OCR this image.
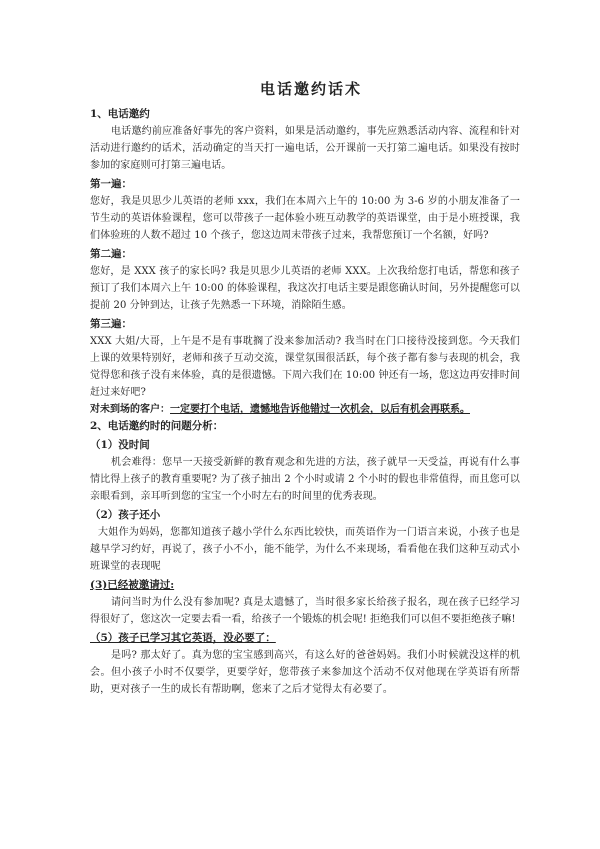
电话邀约话术
1、电话邀约

电话邀约前应准备好事先的客户资料，如果是活动邀约，事先应熟悉活动内容、流程和针对活动进行邀约的话术，活动确定的当天打一遍电话，公开课前一天打第二遍电话。如果没有按时参加的家庭则可打第三遍电话。

第一遍：

您好，我是贝思少儿英语的老师 xxx，我们在本周六上午的 10:00 为 3-6 岁的小朋友准备了一节生动的英语体验课程，您可以带孩子一起体验小班互动教学的英语课堂，由于是小班授课，我们体验班的人数不超过 10 个孩子，您这边周末带孩子过来，我帮您预订一个名额，好吗?

第二遍：

您好，是 XXX 孩子的家长吗? 我是贝思少儿英语的老师 XXX。上次我给您打电话，帮您和孩子预订了我们本周六上午 10:00 的体验课程，我这次打电话主要是跟您确认时间，另外提醒您可以提前 20 分钟到达，让孩子先熟悉一下环境，消除陌生感。

第三遍：

XXX 大姐/大哥，上午是不是有事耽搁了没来参加活动? 我当时在门口接待没接到您。今天我们上课的效果特别好，老师和孩子互动交流，课堂氛围很活跃，每个孩子都有参与表现的机会，我觉得您和孩子没有来体验，真的是很遗憾。下周六我们在 10:00 钟还有一场，您这边再安排时间赶过来好吧?

对未到场的客户：一定要打个电话，遗憾地告诉他错过一次机会，以后有机会再联系。

2、电话邀约时的问题分析：
（1）没时间

机会难得：您早一天接受新鲜的教育观念和先进的方法，孩子就早一天受益，再说有什么事情比得上孩子的教育重要呢? 为了孩子抽出 2 个小时或请 2 个小时的假也非常值得，而且您可以亲眼看到，亲耳听到您的宝宝一个小时左右的时间里的优秀表现。

（2）孩子还小

大姐作为妈妈，您都知道孩子越小学什么东西比较快，而英语作为一门语言来说，小孩子也是越早学习约好，再说了，孩子小不小，能不能学，为什么不来现场，看看他在我们这种互动式小班课堂的表现呢

(3)已经被邀请过:

请问当时为什么没有参加呢? 真是太遗憾了，当时很多家长给孩子报名，现在孩子已经学习得很好了，您这次一定要去看一看，给孩子一个锻炼的机会呢! 拒绝我们可以但不要拒绝孩子嘛!

（5）孩子已学习其它英语，没必要了：

是吗? 那太好了。真为您的宝宝感到高兴，有这么好的爸爸妈妈。我们小时候就没这样的机会。但小孩子小时不仅要学，更要学好，您带孩子来参加这个活动不仅对他现在学英语有所帮助，更对孩子一生的成长有帮助啊，您来了之后才觉得太有必要了。
